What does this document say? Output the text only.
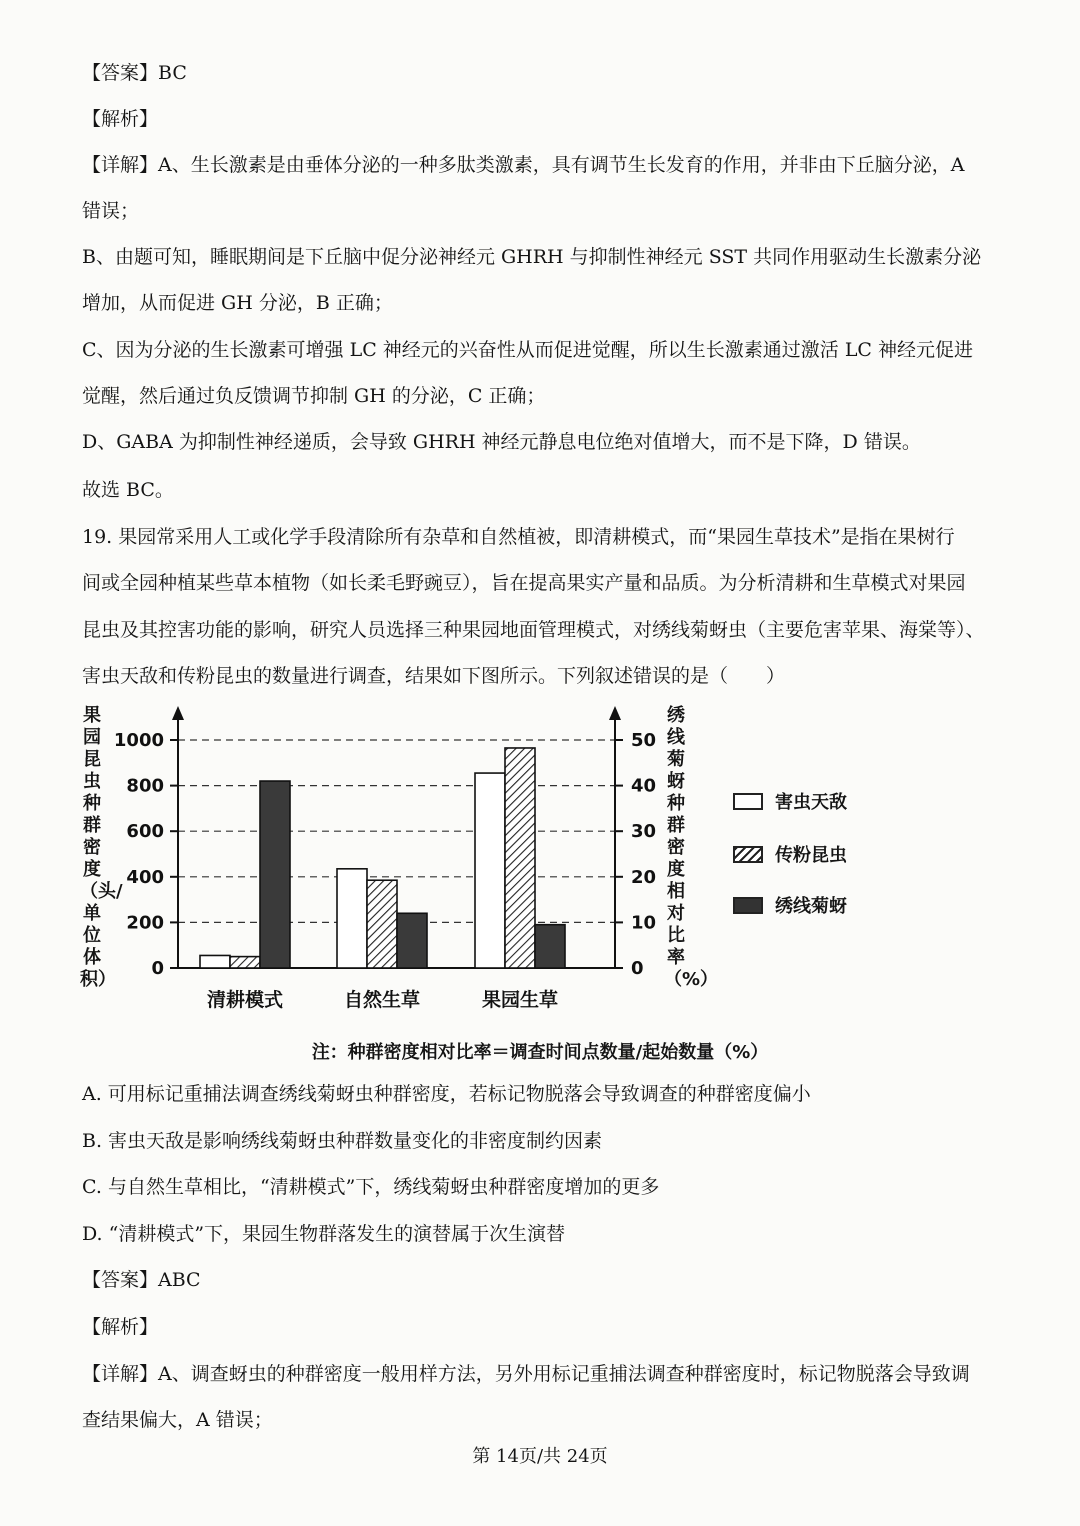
【答案】BC
【解析】
【详解】A、生长激素是由垂体分泌的一种多肽类激素，具有调节生长发育的作用，并非由下丘脑分泌，A
错误；
B、由题可知，睡眠期间是下丘脑中促分泌神经元 GHRH 与抑制性神经元 SST 共同作用驱动生长激素分泌
增加，从而促进 GH 分泌，B 正确；
C、因为分泌的生长激素可增强 LC 神经元的兴奋性从而促进觉醒，所以生长激素通过激活 LC 神经元促进
觉醒，然后通过负反馈调节抑制 GH 的分泌，C 正确；
D、GABA 为抑制性神经递质，会导致 GHRH 神经元静息电位绝对值增大，而不是下降，D 错误。
故选 BC。
19. 果园常采用人工或化学手段清除所有杂草和自然植被，即清耕模式，而“果园生草技术”是指在果树行
间或全园种植某些草本植物（如长柔毛野豌豆），旨在提高果实产量和品质。为分析清耕和生草模式对果园
昆虫及其控害功能的影响，研究人员选择三种果园地面管理模式，对绣线菊蚜虫（主要危害苹果、海棠等）、
害虫天敌和传粉昆虫的数量进行调查，结果如下图所示。下列叙述错误的是（　　）
果园昆虫种群密度（头/单位体积）
绣线菊蚜种群密度相对比率（%）
0
200
400
600
800
1000
0
10
20
30
40
50
清耕模式	自然生草	果园生草
害虫天敌
传粉昆虫
绣线菊蚜
注：种群密度相对比率＝调查时间点数量/起始数量（%）
A. 可用标记重捕法调查绣线菊蚜虫种群密度，若标记物脱落会导致调查的种群密度偏小
B. 害虫天敌是影响绣线菊蚜虫种群数量变化的非密度制约因素
C. 与自然生草相比，“清耕模式”下，绣线菊蚜虫种群密度增加的更多
D. “清耕模式”下，果园生物群落发生的演替属于次生演替
【答案】ABC
【解析】
【详解】A、调查蚜虫的种群密度一般用样方法，另外用标记重捕法调查种群密度时，标记物脱落会导致调
查结果偏大，A 错误；
第 14页/共 24页
